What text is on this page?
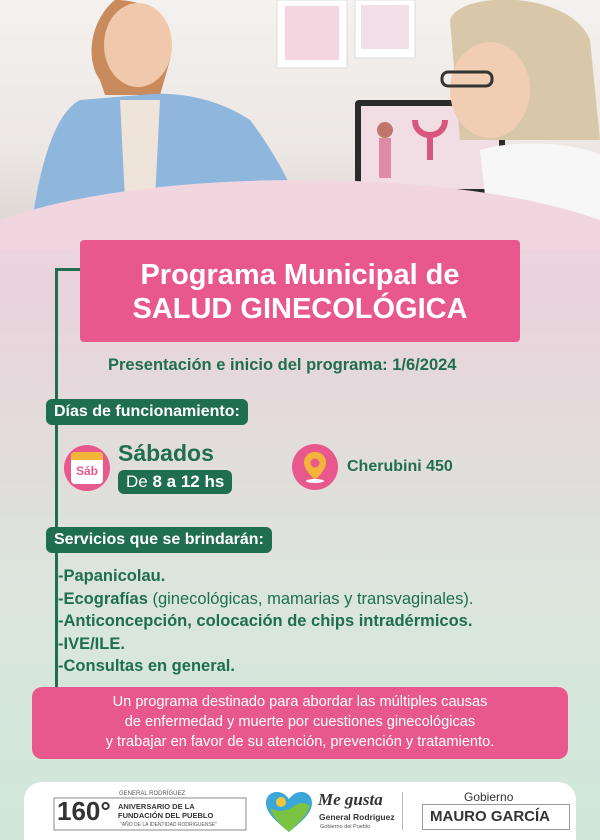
Programa Municipal de
SALUD GINECOLÓGICA
Presentación e inicio del programa: 1/6/2024
Días de funcionamiento:
Sáb
Sábados
De 8 a 12 hs
Cherubini 450
Servicios que se brindarán:
-Papanicolau.
-Ecografías (ginecológicas, mamarias y transvaginales).
-Anticoncepción, colocación de chips intradérmicos.
-IVE/ILE.
-Consultas en general.
Un programa destinado para abordar las múltiples causas
de enfermedad y muerte por cuestiones ginecológicas
y trabajar en favor de su atención, prevención y tratamiento.
160°
GENERAL RODRÍGUEZ
ANIVERSARIO DE LA
FUNDACIÓN DEL PUEBLO
"AÑO DE LA IDENTIDAD RODRIGUENSE"
Me gusta
General Rodríguez
Gobierno del Pueblo
Gobierno
MAURO GARCÍA
